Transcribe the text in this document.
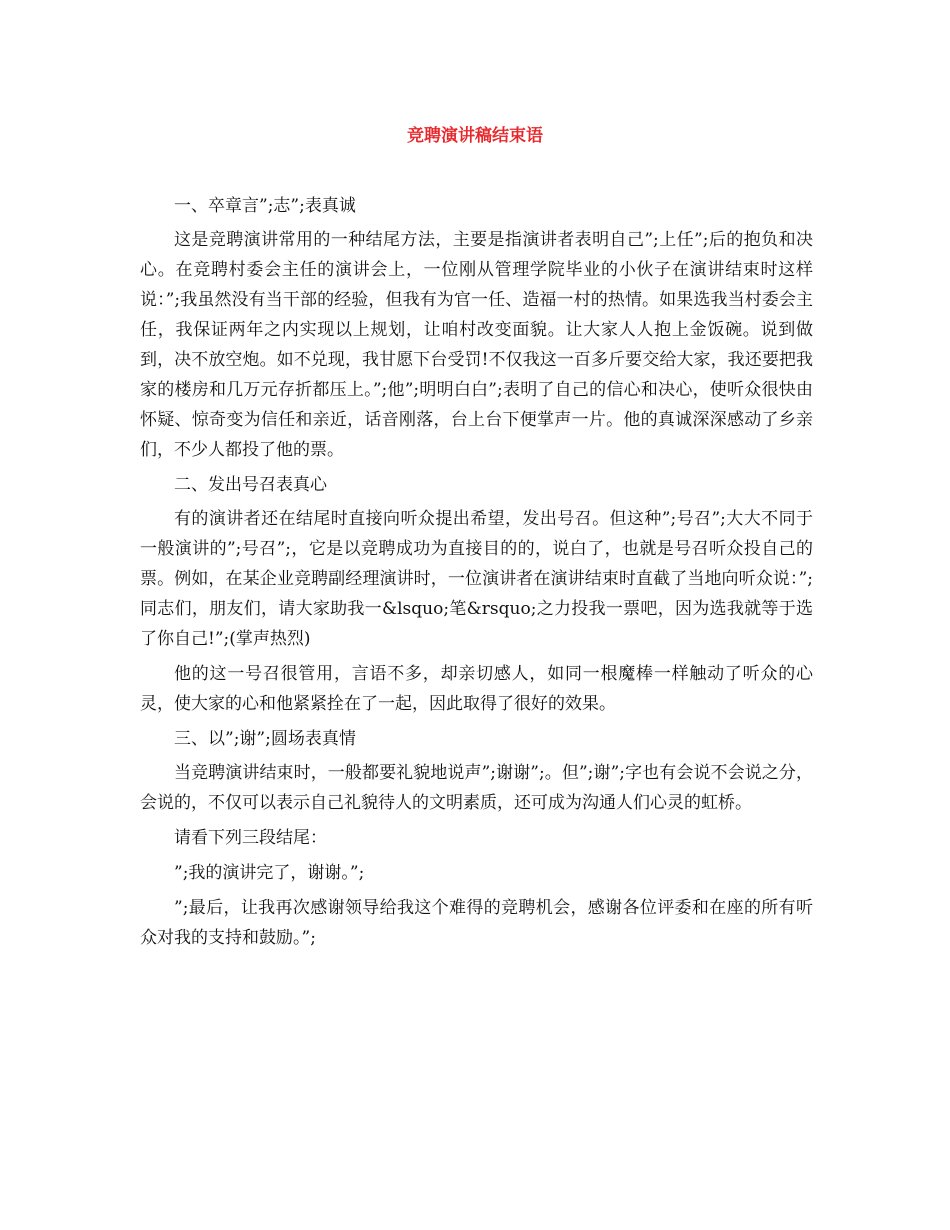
竞聘演讲稿结束语

一、卒章言”;志”;表真诚

这是竞聘演讲常用的一种结尾方法，主要是指演讲者表明自己”;上任”;后的抱负和决心。在竞聘村委会主任的演讲会上，一位刚从管理学院毕业的小伙子在演讲结束时这样说：”;我虽然没有当干部的经验，但我有为官一任、造福一村的热情。如果选我当村委会主任，我保证两年之内实现以上规划，让咱村改变面貌。让大家人人抱上金饭碗。说到做到，决不放空炮。如不兑现，我甘愿下台受罚!不仅我这一百多斤要交给大家，我还要把我家的楼房和几万元存折都压上。”;他”;明明白白”;表明了自己的信心和决心，使听众很快由怀疑、惊奇变为信任和亲近，话音刚落，台上台下便掌声一片。他的真诚深深感动了乡亲们，不少人都投了他的票。

二、发出号召表真心

有的演讲者还在结尾时直接向听众提出希望，发出号召。但这种”;号召”;大大不同于一般演讲的”;号召”;，它是以竞聘成功为直接目的的，说白了，也就是号召听众投自己的票。例如，在某企业竞聘副经理演讲时，一位演讲者在演讲结束时直截了当地向听众说：”;同志们，朋友们，请大家助我一&lsquo;笔&rsquo;之力投我一票吧，因为选我就等于选了你自己!”;(掌声热烈)

他的这一号召很管用，言语不多，却亲切感人，如同一根魔棒一样触动了听众的心灵，使大家的心和他紧紧拴在了一起，因此取得了很好的效果。

三、以”;谢”;圆场表真情

当竞聘演讲结束时，一般都要礼貌地说声”;谢谢”;。但”;谢”;字也有会说不会说之分，会说的，不仅可以表示自己礼貌待人的文明素质，还可成为沟通人们心灵的虹桥。

请看下列三段结尾：

”;我的演讲完了，谢谢。”;

”;最后，让我再次感谢领导给我这个难得的竞聘机会，感谢各位评委和在座的所有听众对我的支持和鼓励。”;
